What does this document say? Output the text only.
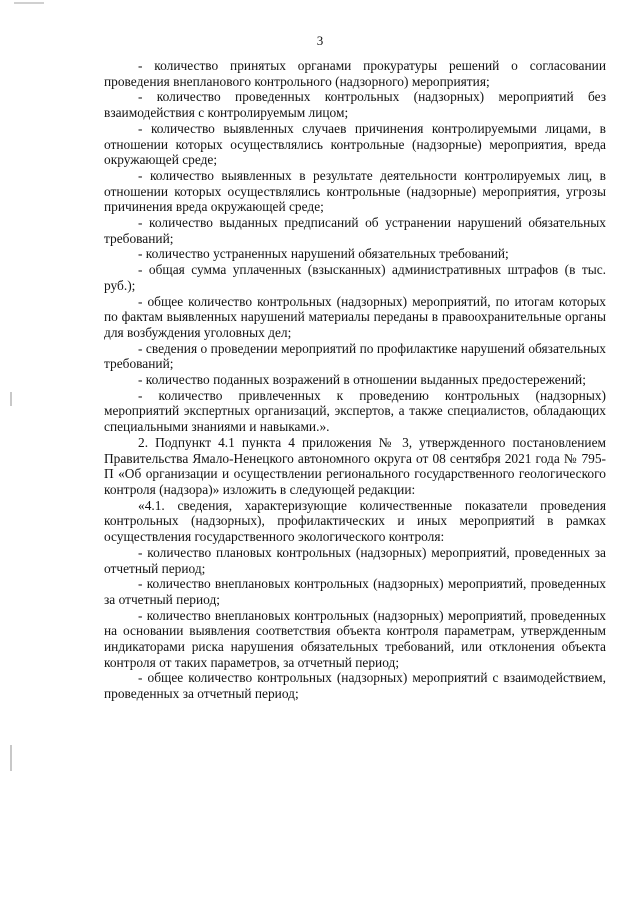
3

- количество принятых органами прокуратуры решений о согласовании проведения внепланового контрольного (надзорного) мероприятия;

- количество проведенных контрольных (надзорных) мероприятий без взаимодействия с контролируемым лицом;

- количество выявленных случаев причинения контролируемыми лицами, в отношении которых осуществлялись контрольные (надзорные) мероприятия, вреда окружающей среде;

- количество выявленных в результате деятельности контролируемых лиц, в отношении которых осуществлялись контрольные (надзорные) мероприятия, угрозы причинения вреда окружающей среде;

- количество выданных предписаний об устранении нарушений обязательных требований;

- количество устраненных нарушений обязательных требований;

- общая сумма уплаченных (взысканных) административных штрафов (в тыс. руб.);

- общее количество контрольных (надзорных) мероприятий, по итогам которых по фактам выявленных нарушений материалы переданы в правоохранительные органы для возбуждения уголовных дел;

- сведения о проведении мероприятий по профилактике нарушений обязательных требований;

- количество поданных возражений в отношении выданных предостережений;

- количество привлеченных к проведению контрольных (надзорных) мероприятий экспертных организаций, экспертов, а также специалистов, обладающих специальными знаниями и навыками.».

2. Подпункт 4.1 пункта 4 приложения № 3, утвержденного постановлением Правительства Ямало-Ненецкого автономного округа от 08 сентября 2021 года № 795-П «Об организации и осуществлении регионального государственного геологического контроля (надзора)» изложить в следующей редакции:

«4.1. сведения, характеризующие количественные показатели проведения контрольных (надзорных), профилактических и иных мероприятий в рамках осуществления государственного экологического контроля:

- количество плановых контрольных (надзорных) мероприятий, проведенных за отчетный период;

- количество внеплановых контрольных (надзорных) мероприятий, проведенных за отчетный период;

- количество внеплановых контрольных (надзорных) мероприятий, проведенных на основании выявления соответствия объекта контроля параметрам, утвержденным индикаторами риска нарушения обязательных требований, или отклонения объекта контроля от таких параметров, за отчетный период;

- общее количество контрольных (надзорных) мероприятий с взаимодействием, проведенных за отчетный период;
